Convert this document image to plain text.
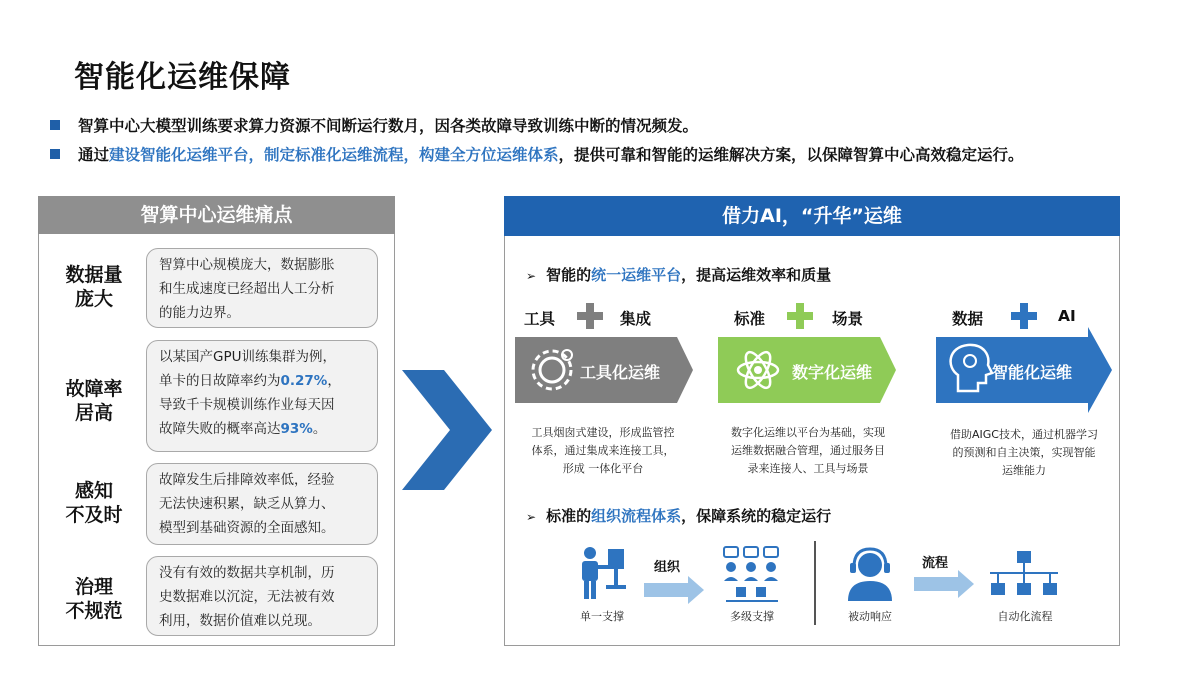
智能化运维保障
智算中心大模型训练要求算力资源不间断运行数月，因各类故障导致训练中断的情况频发。
通过建设智能化运维平台，制定标准化运维流程，构建全方位运维体系，提供可靠和智能的运维解决方案，以保障智算中心高效稳定运行。
智算中心运维痛点
数据量
庞大
智算中心规模庞大，数据膨胀
和生成速度已经超出人工分析
的能力边界。
故障率
居高
以某国产GPU训练集群为例，
单卡的日故障率约为0.27%，
导致千卡规模训练作业每天因
故障失败的概率高达93%。
感知
不及时
故障发生后排障效率低，经验
无法快速积累，缺乏从算力、
模型到基础资源的全面感知。
治理
不规范
没有有效的数据共享机制，历
史数据难以沉淀，无法被有效
利用，数据价值难以兑现。
借力AI，“升华”运维
➢ 智能的统一运维平台，提高运维效率和质量
工具	集成
工具化运维
工具烟囱式建设，形成监管控
体系，通过集成来连接工具，
形成 一体化平台
标准	场景
数字化运维
数字化运维以平台为基础，实现
运维数据融合管理，通过服务目
录来连接人、工具与场景
数据	AI
智能化运维
借助AIGC技术，通过机器学习
的预测和自主决策，实现智能
运维能力
➢ 标准的组织流程体系，保障系统的稳定运行
单一支撑
组织
多级支撑	被动响应
流程
自动化流程
